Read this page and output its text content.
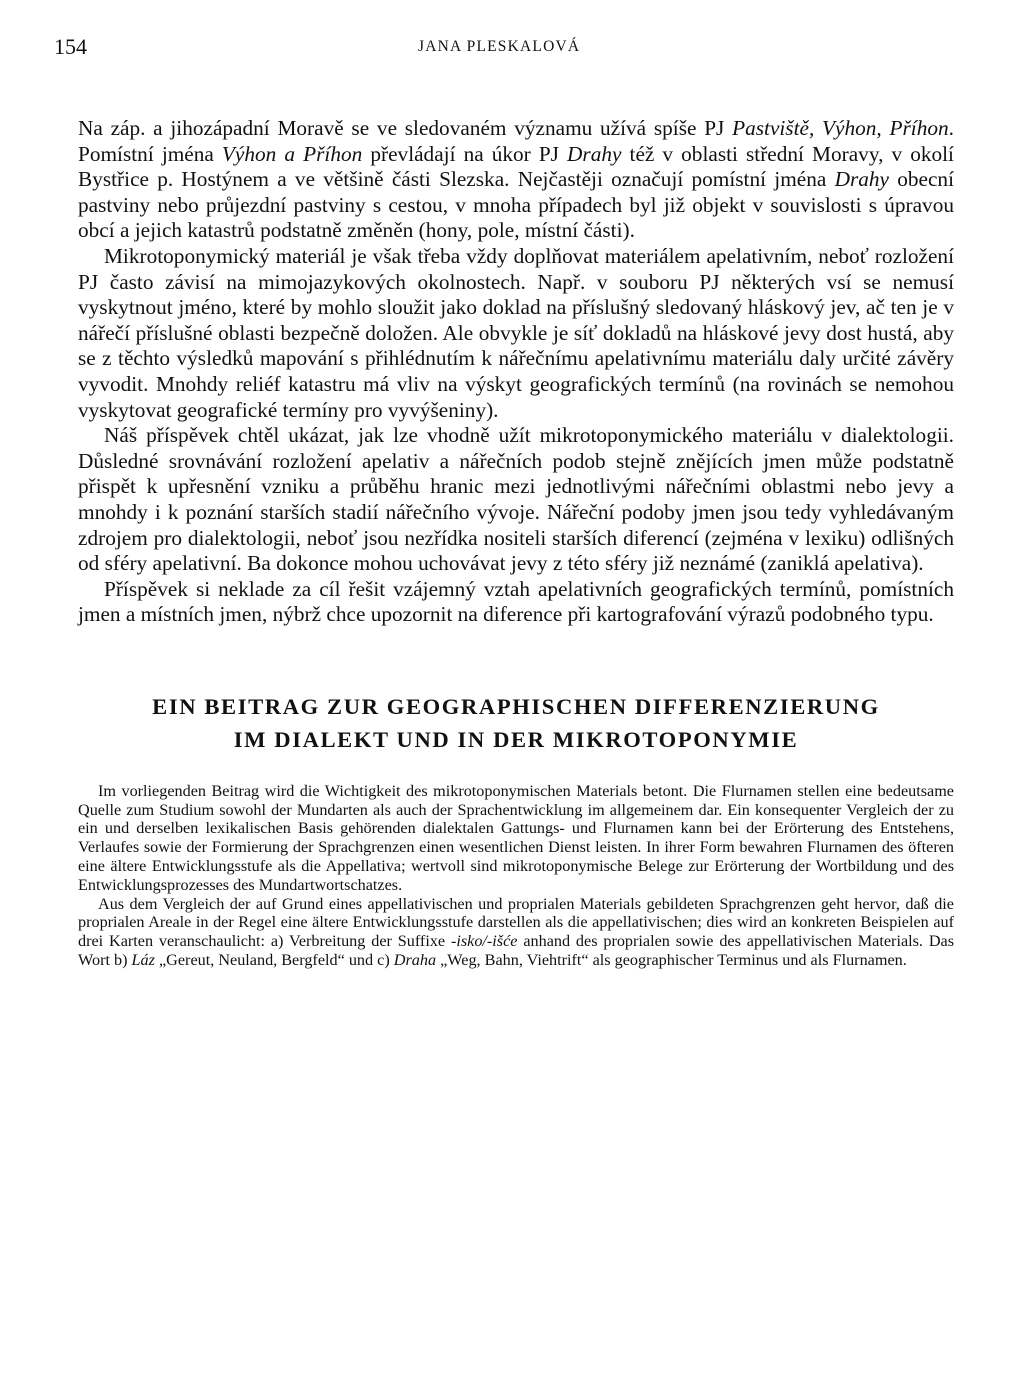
154	JANA PLESKALOVÁ

Na záp. a jihozápadní Moravě se ve sledovaném významu užívá spíše PJ Pastviště, Výhon, Příhon. Pomístní jména Výhon a Příhon převládají na úkor PJ Drahy též v oblasti střední Moravy, v okolí Bystřice p. Hostýnem a ve většině části Slezska. Nejčastěji označují pomístní jména Drahy obecní pastviny nebo průjezdní pastviny s cestou, v mnoha případech byl již objekt v souvislosti s úpravou obcí a jejich katastrů podstatně změněn (hony, pole, místní části).

Mikrotoponymický materiál je však třeba vždy doplňovat materiálem apelativním, neboť rozložení PJ často závisí na mimojazykových okolnostech. Např. v souboru PJ některých vsí se nemusí vyskytnout jméno, které by mohlo sloužit jako doklad na příslušný sledovaný hláskový jev, ač ten je v nářečí příslušné oblasti bezpečně doložen. Ale obvykle je síť dokladů na hláskové jevy dost hustá, aby se z těchto výsledků mapování s přihlédnutím k nářečnímu apelativnímu materiálu daly určité závěry vyvodit. Mnohdy reliéf katastru má vliv na výskyt geografických termínů (na rovinách se nemohou vyskytovat geografické termíny pro vyvýšeniny).

Náš příspěvek chtěl ukázat, jak lze vhodně užít mikrotoponymického materiálu v dialektologii. Důsledné srovnávání rozložení apelativ a nářečních podob stejně znějících jmen může podstatně přispět k upřesnění vzniku a průběhu hranic mezi jednotlivými nářečními oblastmi nebo jevy a mnohdy i k poznání starších stadií nářečního vývoje. Nářeční podoby jmen jsou tedy vyhledávaným zdrojem pro dialektologii, neboť jsou nezřídka nositeli starších diferencí (zejména v lexiku) odlišných od sféry apelativní. Ba dokonce mohou uchovávat jevy z této sféry již neznámé (zaniklá apelativa).

Příspěvek si neklade za cíl řešit vzájemný vztah apelativních geografických termínů, pomístních jmen a místních jmen, nýbrž chce upozornit na diference při kartografování výrazů podobného typu.

EIN BEITRAG ZUR GEOGRAPHISCHEN DIFFERENZIERUNG
IM DIALEKT UND IN DER MIKROTOPONYMIE

Im vorliegenden Beitrag wird die Wichtigkeit des mikrotoponymischen Materials betont. Die Flurnamen stellen eine bedeutsame Quelle zum Studium sowohl der Mundarten als auch der Sprachentwicklung im allgemeinem dar. Ein konsequenter Vergleich der zu ein und derselben lexikalischen Basis gehörenden dialektalen Gattungs- und Flurnamen kann bei der Erörterung des Entstehens, Verlaufes sowie der Formierung der Sprachgrenzen einen wesentlichen Dienst leisten. In ihrer Form bewahren Flurnamen des öfteren eine ältere Entwicklungsstufe als die Appellativa; wertvoll sind mikrotoponymische Belege zur Erörterung der Wortbildung und des Entwicklungsprozesses des Mundartwortschatzes.

Aus dem Vergleich der auf Grund eines appellativischen und proprialen Materials gebildeten Sprachgrenzen geht hervor, daß die proprialen Areale in der Regel eine ältere Entwicklungsstufe darstellen als die appellativischen; dies wird an konkreten Beispielen auf drei Karten veranschaulicht: a) Verbreitung der Suffixe -isko/-išće anhand des proprialen sowie des appellativischen Materials. Das Wort b) Láz „Gereut, Neuland, Bergfeld“ und c) Draha „Weg, Bahn, Viehtrift“ als geographischer Terminus und als Flurnamen.
